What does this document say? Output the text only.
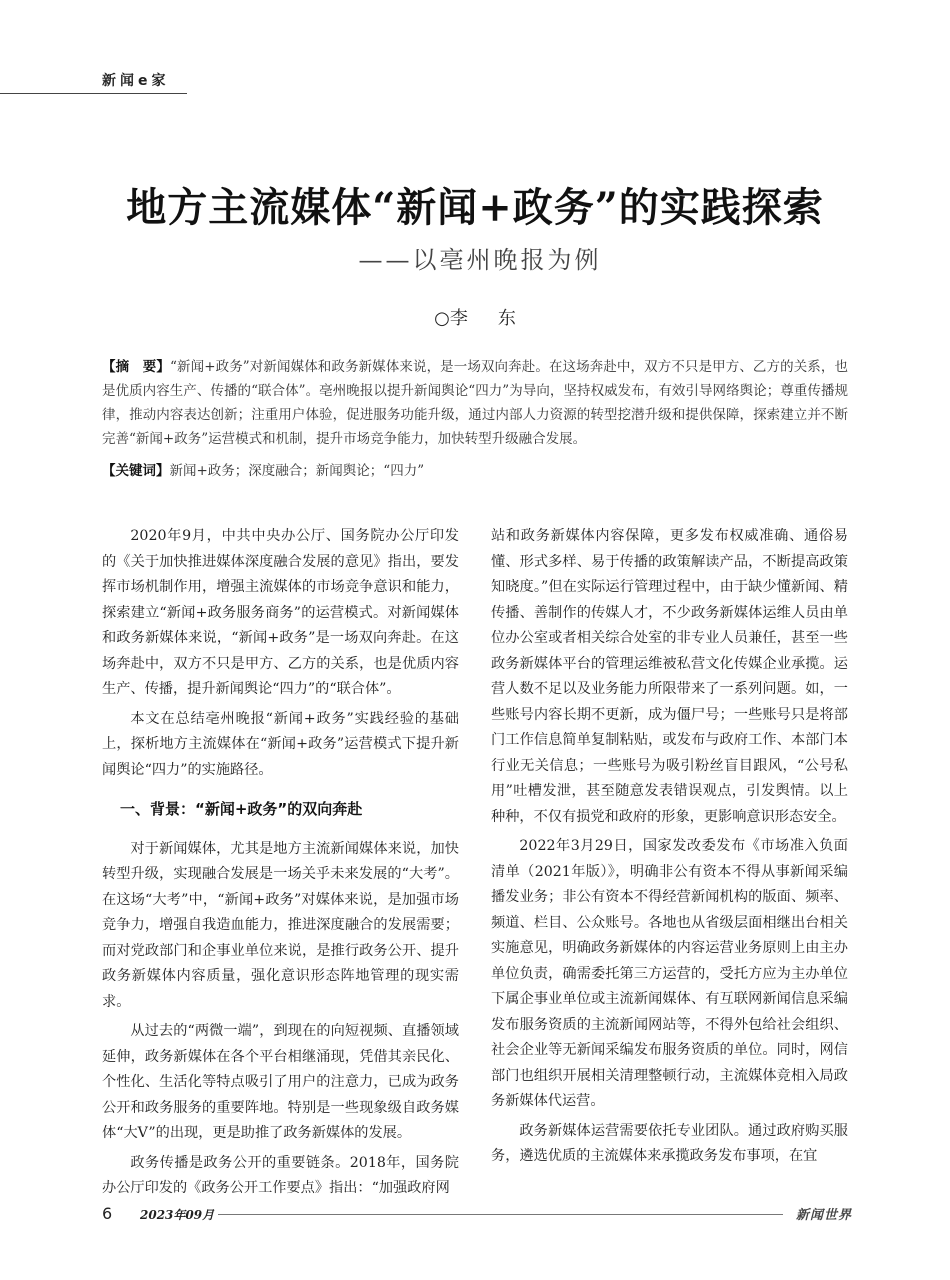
新闻e家
地方主流媒体“新闻+政务”的实践探索
——以亳州晚报为例
○李 东
【摘　要】“新闻+政务”对新闻媒体和政务新媒体来说，是一场双向奔赴。在这场奔赴中，双方不只是甲方、乙方的关系，也是优质内容生产、传播的“联合体”。亳州晚报以提升新闻舆论“四力”为导向，坚持权威发布，有效引导网络舆论；尊重传播规律，推动内容表达创新；注重用户体验，促进服务功能升级，通过内部人力资源的转型挖潜升级和提供保障，探索建立并不断完善“新闻+政务”运营模式和机制，提升市场竞争能力，加快转型升级融合发展。
【关键词】新闻+政务；深度融合；新闻舆论；“四力”

2020年9月，中共中央办公厅、国务院办公厅印发的《关于加快推进媒体深度融合发展的意见》指出，要发挥市场机制作用，增强主流媒体的市场竞争意识和能力，探索建立“新闻+政务服务商务”的运营模式。对新闻媒体和政务新媒体来说，“新闻+政务”是一场双向奔赴。在这场奔赴中，双方不只是甲方、乙方的关系，也是优质内容生产、传播，提升新闻舆论“四力”的“联合体”。

本文在总结亳州晚报“新闻+政务”实践经验的基础上，探析地方主流媒体在“新闻+政务”运营模式下提升新闻舆论“四力”的实施路径。

一、背景：“新闻+政务”的双向奔赴

对于新闻媒体，尤其是地方主流新闻媒体来说，加快转型升级，实现融合发展是一场关乎未来发展的“大考”。在这场“大考”中，“新闻+政务”对媒体来说，是加强市场竞争力，增强自我造血能力，推进深度融合的发展需要；而对党政部门和企事业单位来说，是推行政务公开、提升政务新媒体内容质量，强化意识形态阵地管理的现实需求。

从过去的“两微一端”，到现在的向短视频、直播领域延伸，政务新媒体在各个平台相继涌现，凭借其亲民化、个性化、生活化等特点吸引了用户的注意力，已成为政务公开和政务服务的重要阵地。特别是一些现象级自政务媒体“大V”的出现，更是助推了政务新媒体的发展。

政务传播是政务公开的重要链条。2018年，国务院办公厅印发的《政务公开工作要点》指出：“加强政府网

站和政务新媒体内容保障，更多发布权威准确、通俗易懂、形式多样、易于传播的政策解读产品，不断提高政策知晓度。”但在实际运行管理过程中，由于缺少懂新闻、精传播、善制作的传媒人才，不少政务新媒体运维人员由单位办公室或者相关综合处室的非专业人员兼任，甚至一些政务新媒体平台的管理运维被私营文化传媒企业承揽。运营人数不足以及业务能力所限带来了一系列问题。如，一些账号内容长期不更新，成为僵尸号；一些账号只是将部门工作信息简单复制粘贴，或发布与政府工作、本部门本行业无关信息；一些账号为吸引粉丝盲目跟风，“公号私用”吐槽发泄，甚至随意发表错误观点，引发舆情。以上种种，不仅有损党和政府的形象，更影响意识形态安全。

2022年3月29日，国家发改委发布《市场准入负面清单（2021年版）》，明确非公有资本不得从事新闻采编播发业务；非公有资本不得经营新闻机构的版面、频率、频道、栏目、公众账号。各地也从省级层面相继出台相关实施意见，明确政务新媒体的内容运营业务原则上由主办单位负责，确需委托第三方运营的，受托方应为主办单位下属企事业单位或主流新闻媒体、有互联网新闻信息采编发布服务资质的主流新闻网站等，不得外包给社会组织、社会企业等无新闻采编发布服务资质的单位。同时，网信部门也组织开展相关清理整顿行动，主流媒体竞相入局政务新媒体代运营。

政务新媒体运营需要依托专业团队。通过政府购买服务，遴选优质的主流媒体来承揽政务发布事项，在宜

6 2023年09月	新闻世界
